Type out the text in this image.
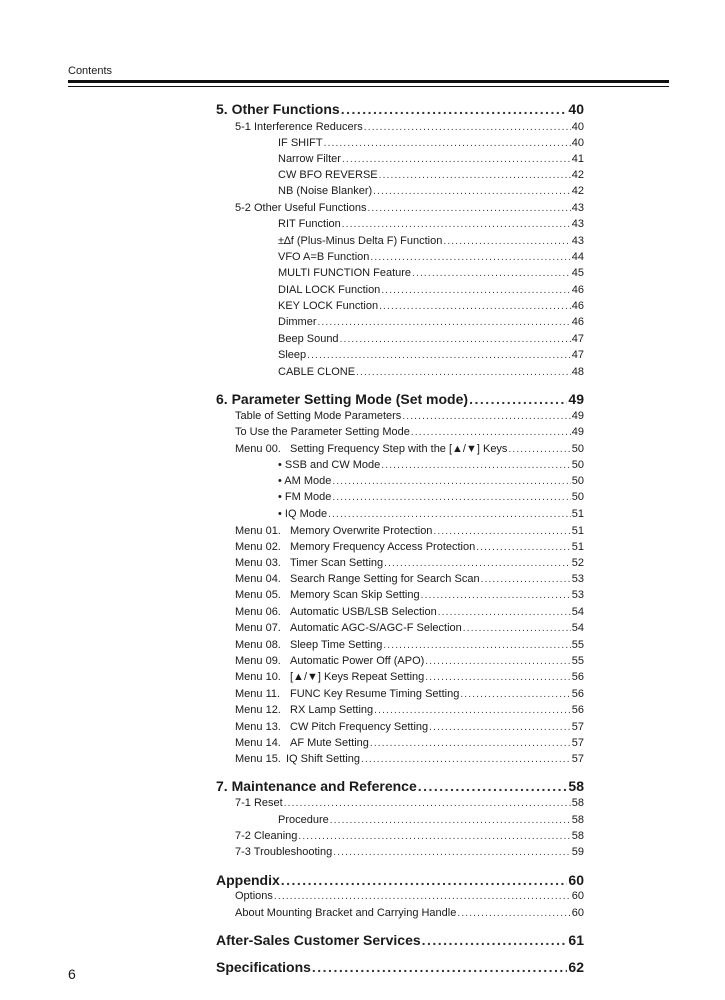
Contents
5. Other Functions . . .	40
5-1 Interference Reducers . . .	40
IF SHIFT . . .	40
Narrow Filter . . .	41
CW BFO REVERSE . . .	42
NB (Noise Blanker) . . .	42
5-2 Other Useful Functions . . .	43
RIT Function . . .	43
±∆f (Plus-Minus Delta F) Function . . .	43
VFO A=B Function . . .	44
MULTI FUNCTION Feature . . .	45
DIAL LOCK Function . . .	46
KEY LOCK Function . . .	46
Dimmer . . .	46
Beep Sound . . .	47
Sleep . . .	47
CABLE CLONE . . .	48
6. Parameter Setting Mode (Set mode) . . .	49
Table of Setting Mode Parameters . . .	49
To Use the Parameter Setting Mode . . .	49
Menu 00. Setting Frequency Step with the [▲/▼] Keys . . .	50
• SSB and CW Mode . . .	50
• AM Mode . . .	50
• FM Mode . . .	50
• IQ Mode . . .	51
Menu 01. Memory Overwrite Protection . . .	51
Menu 02. Memory Frequency Access Protection . . .	51
Menu 03. Timer Scan Setting . . .	52
Menu 04. Search Range Setting for Search Scan . . .	53
Menu 05. Memory Scan Skip Setting . . .	53
Menu 06. Automatic USB/LSB Selection . . .	54
Menu 07. Automatic AGC-S/AGC-F Selection . . .	54
Menu 08. Sleep Time Setting . . .	55
Menu 09. Automatic Power Off (APO) . . .	55
Menu 10. [▲/▼] Keys Repeat Setting . . .	56
Menu 11. FUNC Key Resume Timing Setting . . .	56
Menu 12. RX Lamp Setting . . .	56
Menu 13. CW Pitch Frequency Setting . . .	57
Menu 14. AF Mute Setting . . .	57
Menu 15. IQ Shift Setting . . .	57
7. Maintenance and Reference . . .	58
7-1 Reset . . .	58
Procedure . . .	58
7-2 Cleaning . . .	58
7-3 Troubleshooting . . .	59
Appendix . . .	60
Options . . .	60
About Mounting Bracket and Carrying Handle . . .	60
After-Sales Customer Services . . .	61
Specifications . . .	62
6
